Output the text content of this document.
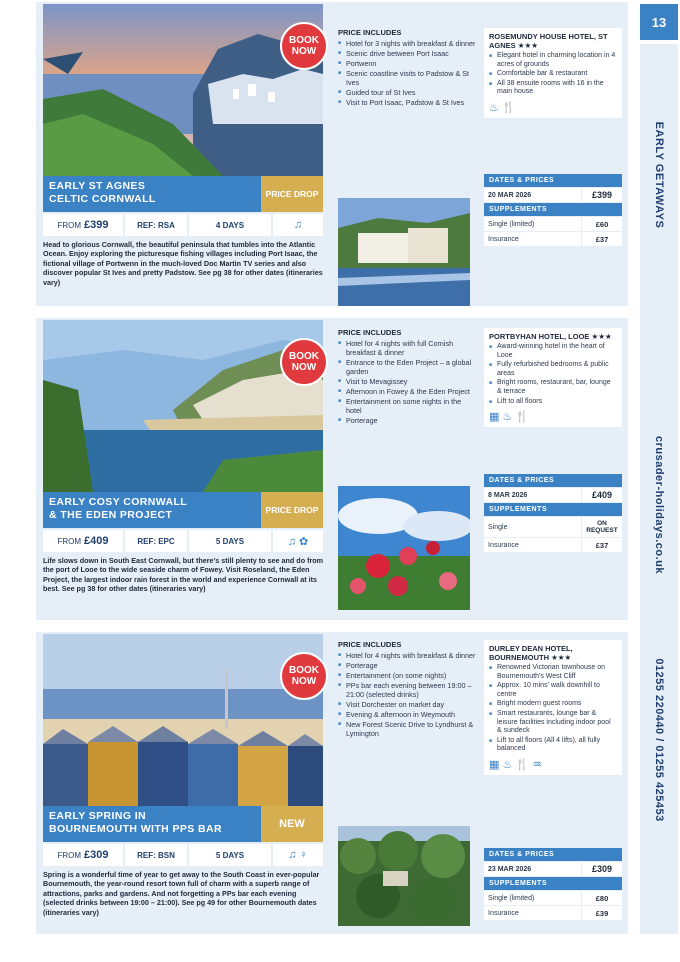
13
EARLY GETAWAYS
crusader-holidays.co.uk
01255 220440 / 01255 425453
BOOK
NOW
EARLY ST AGNES
CELTIC CORNWALL	PRICE DROP
FROM £399	REF: RSA	4 DAYS	♫
Head to glorious Cornwall, the beautiful peninsula that tumbles into the Atlantic Ocean. Enjoy exploring the picturesque fishing villages including Port Isaac, the fictional village of Portwenn in the much-loved Doc Martin TV series and also discover popular St Ives and pretty Padstow. See pg 38 for other dates (itineraries vary)
PRICE INCLUDES
■ Hotel for 3 nights with breakfast & dinner
■ Scenic drive between Port Isaac
■ Portwenn
■ Scenic coastline visits to Padstow & St Ives
■ Guided tour of St Ives
■ Visit to Port Isaac, Padstow & St Ives
ROSEMUNDY HOUSE HOTEL, ST AGNES ★★★
■ Elegant hotel in charming location in 4 acres of grounds
■ Comfortable bar & restaurant
■ All 38 ensuite rooms with 16 in the main house
♨ 🍴
DATES & PRICES
20 MAR 2026	£399
SUPPLEMENTS
Single (limited)	£60
Insurance	£37
BOOK
NOW
EARLY COSY CORNWALL
& THE EDEN PROJECT	PRICE DROP
FROM £409	REF: EPC	5 DAYS	♫ ✿
Life slows down in South East Cornwall, but there's still plenty to see and do from the port of Looe to the wide seaside charm of Fowey. Visit Roseland, the Eden Project, the largest indoor rain forest in the world and experience Cornwall at its best. See pg 38 for other dates (itineraries vary)
PRICE INCLUDES
■ Hotel for 4 nights with full Cornish breakfast & dinner
■ Entrance to the Eden Project – a global garden
■ Visit to Mevagissey
■ Afternoon in Fowey & the Eden Project
■ Entertainment on some nights in the hotel
■ Porterage
PORTBYHAN HOTEL, LOOE ★★★
■ Award-winning hotel in the heart of Looe
■ Fully refurbished bedrooms & public areas
■ Bright rooms, restaurant, bar, lounge & terrace
■ Lift to all floors
▦ ♨ 🍴
DATES & PRICES
8 MAR 2026	£409
SUPPLEMENTS
Single	ON REQUEST
Insurance	£37
BOOK
NOW
EARLY SPRING IN
BOURNEMOUTH WITH PPS BAR	NEW
FROM £309	REF: BSN	5 DAYS	♫ ♀
Spring is a wonderful time of year to get away to the South Coast in ever-popular Bournemouth, the year-round resort town full of charm with a superb range of attractions, parks and gardens. And not forgetting a PPs bar each evening (selected drinks between 19:00 – 21:00). See pg 49 for other Bournemouth dates (itineraries vary)
PRICE INCLUDES
■ Hotel for 4 nights with breakfast & dinner
■ Porterage
■ Entertainment (on some nights)
■ PPs bar each evening between 19:00 – 21:00 (selected drinks)
■ Visit Dorchester on market day
■ Evening & afternoon in Weymouth
■ New Forest Scenic Drive to Lyndhurst & Lymington
DURLEY DEAN HOTEL, BOURNEMOUTH ★★★
■ Renowned Victorian townhouse on Bournemouth's West Cliff
■ Approx. 10 mins' walk downhill to centre
■ Bright modern guest rooms
■ Smart restaurants, lounge bar & leisure facilities including indoor pool & sundeck
■ Lift to all floors (All 4 lifts), all fully balanced
▦ ♨ 🍴 ♒
DATES & PRICES
23 MAR 2026	£309
SUPPLEMENTS
Single (limited)	£80
Insurance	£39
